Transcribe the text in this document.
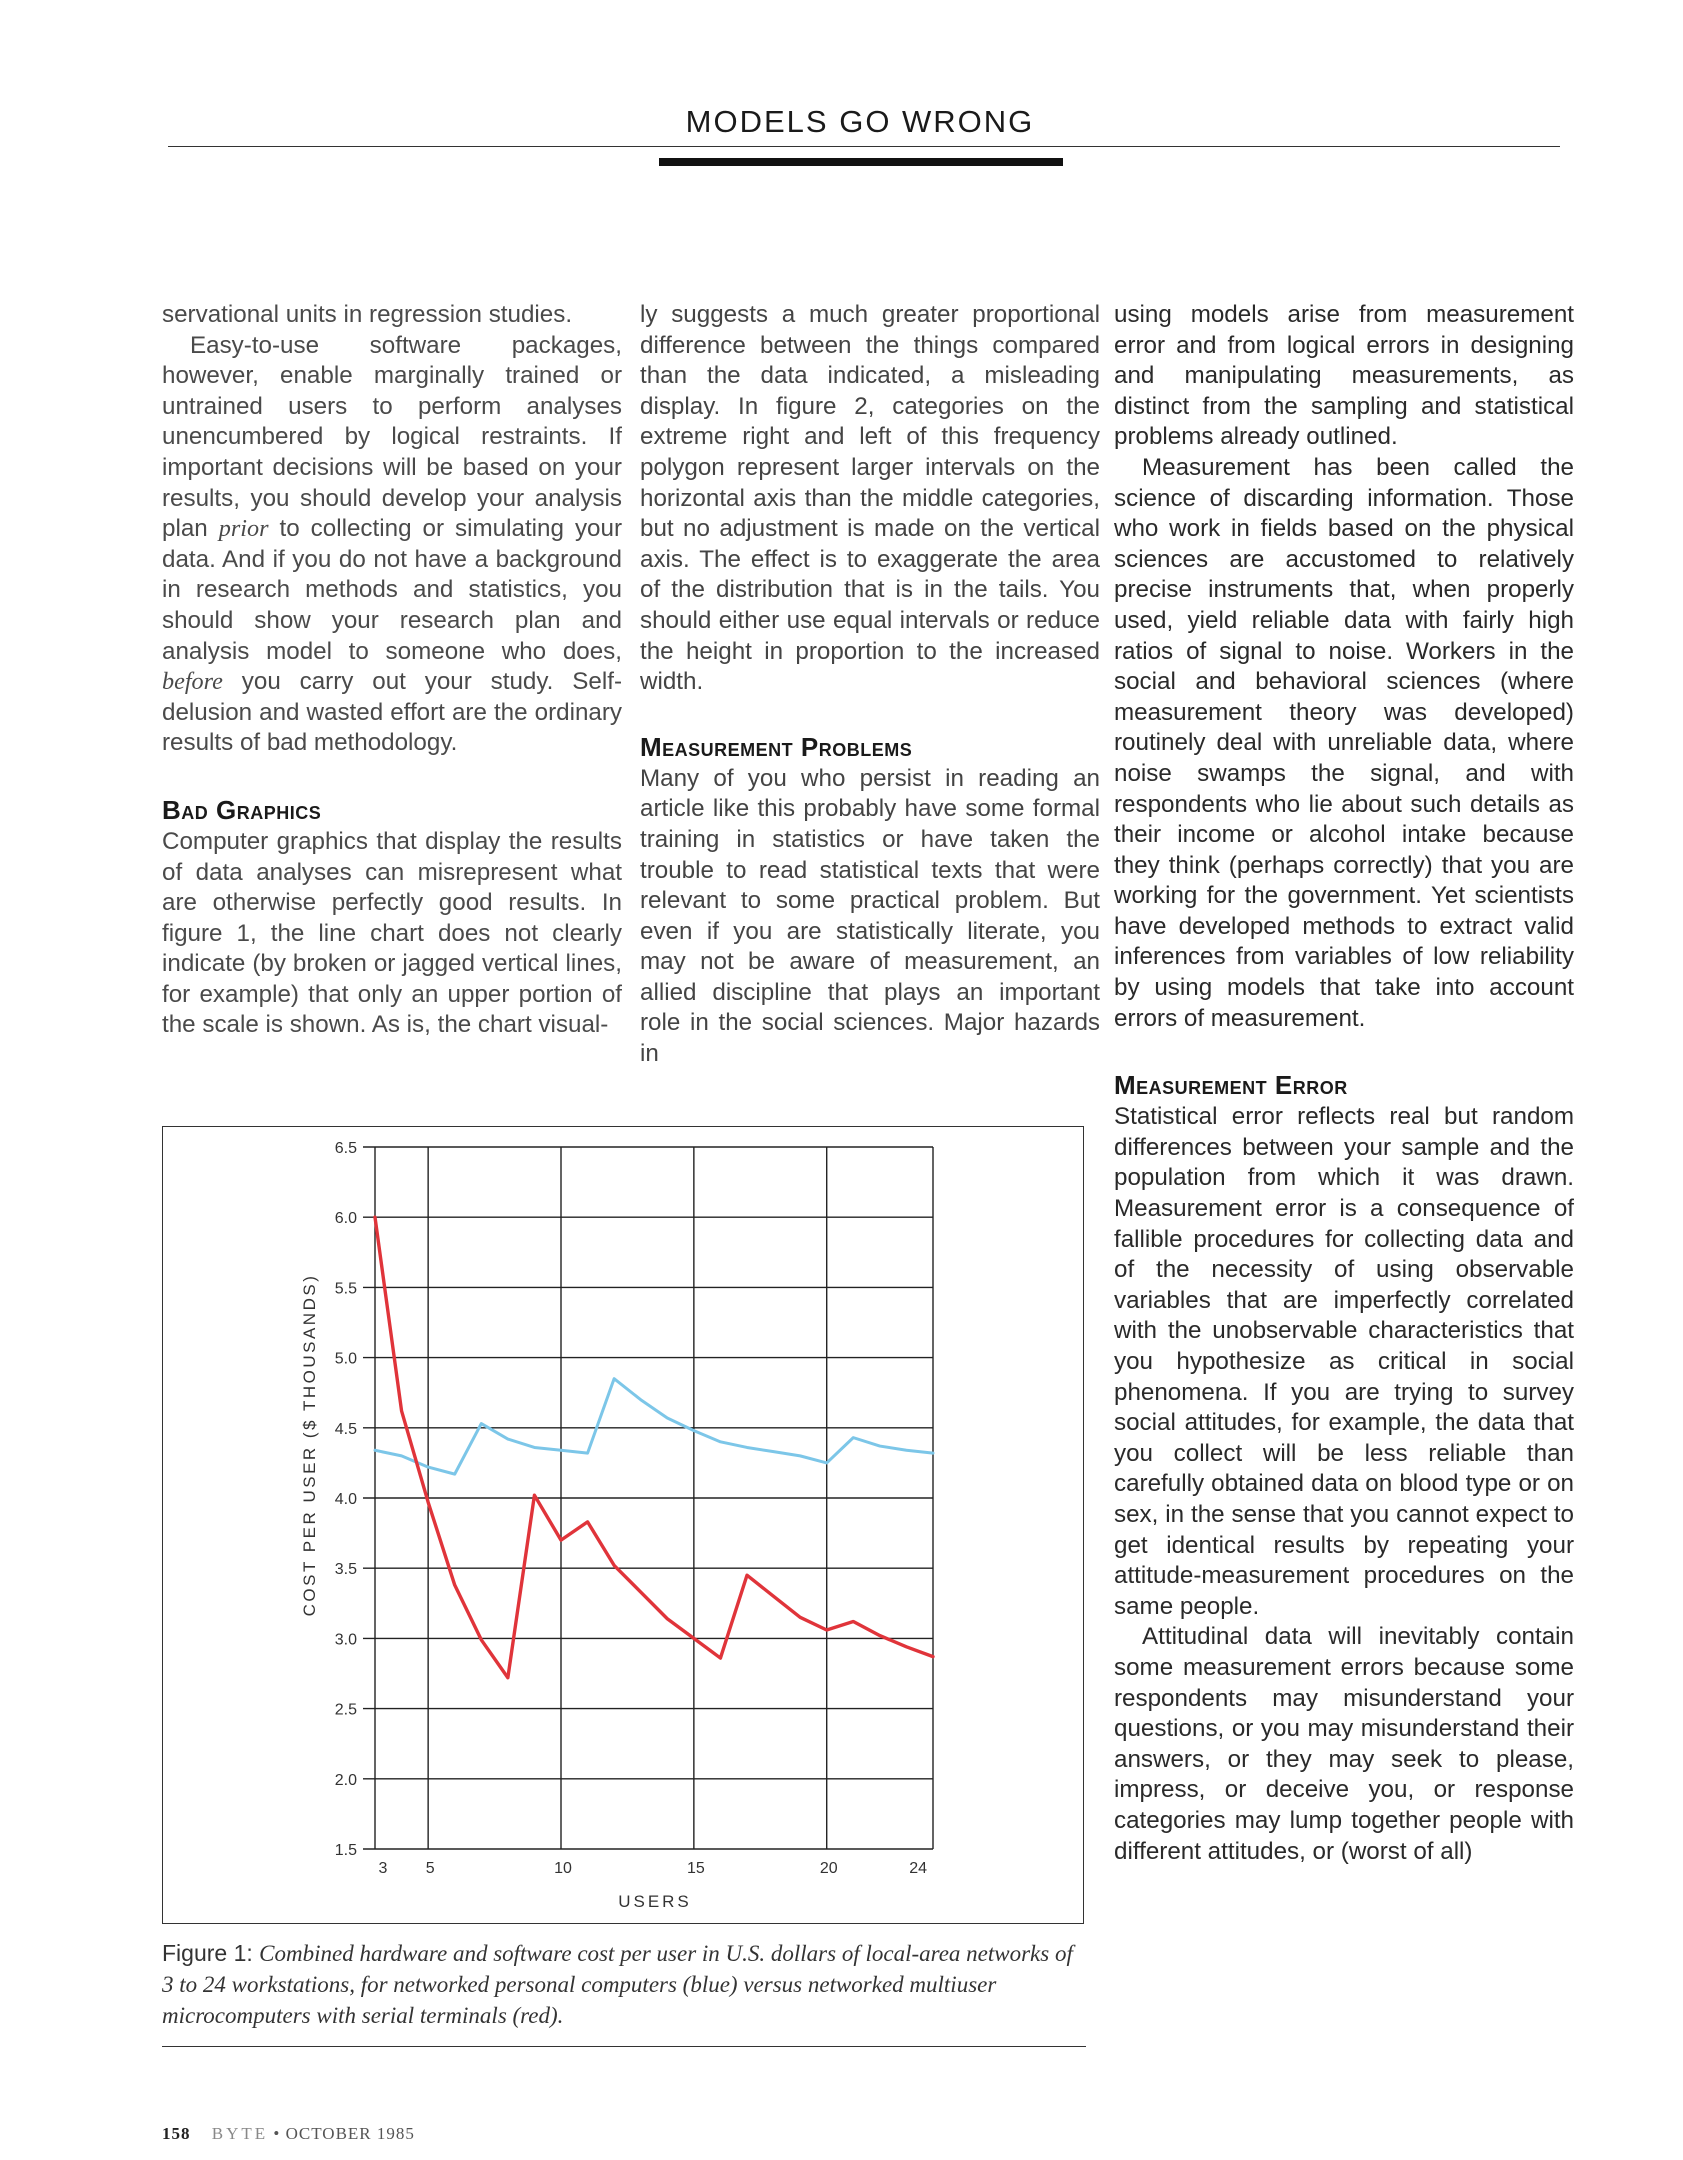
MODELS GO WRONG

servational units in regression studies.

Easy-to-use software packages, however, enable marginally trained or untrained users to perform analyses unencumbered by logical restraints. If important decisions will be based on your results, you should develop your analysis plan prior to collecting or simulating your data. And if you do not have a background in research methods and statistics, you should show your research plan and analysis model to someone who does, before you carry out your study. Self-delusion and wasted effort are the ordinary results of bad methodology.

Bad Graphics

Computer graphics that display the results of data analyses can misrepresent what are otherwise perfectly good results. In figure 1, the line chart does not clearly indicate (by broken or jagged vertical lines, for example) that only an upper portion of the scale is shown. As is, the chart visual-

ly suggests a much greater proportional difference between the things compared than the data indicated, a misleading display. In figure 2, categories on the extreme right and left of this frequency polygon represent larger intervals on the horizontal axis than the middle categories, but no adjustment is made on the vertical axis. The effect is to exaggerate the area of the distribution that is in the tails. You should either use equal intervals or reduce the height in proportion to the increased width.

Measurement Problems

Many of you who persist in reading an article like this probably have some formal training in statistics or have taken the trouble to read statistical texts that were relevant to some practical problem. But even if you are statistically literate, you may not be aware of measurement, an allied discipline that plays an important role in the social sciences. Major hazards in

using models arise from measurement error and from logical errors in designing and manipulating measurements, as distinct from the sampling and statistical problems already outlined.

Measurement has been called the science of discarding information. Those who work in fields based on the physical sciences are accustomed to relatively precise instruments that, when properly used, yield reliable data with fairly high ratios of signal to noise. Workers in the social and behavioral sciences (where measurement theory was developed) routinely deal with unreliable data, where noise swamps the signal, and with respondents who lie about such details as their income or alcohol intake because they think (perhaps correctly) that you are working for the government. Yet scientists have developed methods to extract valid inferences from variables of low reliability by using models that take into account errors of measurement.

Measurement Error

Statistical error reflects real but random differences between your sample and the population from which it was drawn. Measurement error is a consequence of fallible procedures for collecting data and of the necessity of using observable variables that are imperfectly correlated with the unobservable characteristics that you hypothesize as critical in social phenomena. If you are trying to survey social attitudes, for example, the data that you collect will be less reliable than carefully obtained data on blood type or on sex, in the sense that you cannot expect to get identical results by repeating your attitude-measurement procedures on the same people.

Attitudinal data will inevitably contain some measurement errors because some respondents may misunderstand your questions, or you may misunderstand their answers, or they may seek to please, impress, or deceive you, or response categories may lump together people with different attitudes, or (worst of all)

1.5
2.0
2.5
3.0
3.5
4.0
4.5
5.0
5.5
6.0
6.5
3 5	10	15	20	24
COST PER USER ($ THOUSANDS)
USERS
Figure 1: Combined hardware and software cost per user in U.S. dollars of local-area networks of 3 to 24 workstations, for networked personal computers (blue) versus networked multiuser microcomputers with serial terminals (red).
158 BYTE • OCTOBER 1985
